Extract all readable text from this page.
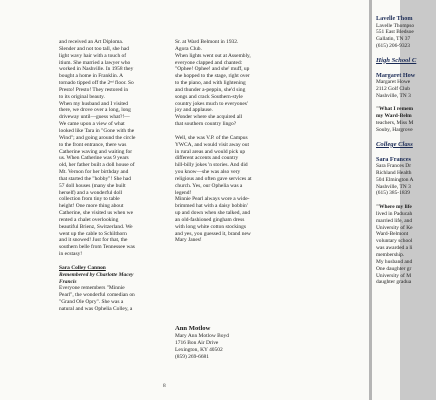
and received an Art Diploma.
Slender and not too tall, she had
light wavy hair with a touch of
itium. She married a lawyer who
worked in Nashville. In 1958 they
bought a home in Franklin. A
tornado tipped off the 2ⁿᵈ floor. So
Presto! Presto! They restored in
to its original beauty.
When my husband and I visited
there, we drove over a long, long
driveway until—guess what?!—
We came upon a view of what
looked like Tara in "Gone with the
Wind"; and going around the circle
to the front entrance, there was
Catherine waving and waiting for
us. When Catherine was 9 years
old, her father built a doll house of
Mt. Vernon for her birthday and
that started the "hobby"! She had
57 doll houses (many she built
herself) and a wonderful doll
collection from tiny to table
height! One more thing about
Catherine, she visited us when we
rented a chalet overlooking
beautiful Brienz, Switzerland. We
went up the cable to Schilthorn
and it snowed! Just for that, the
southern belle from Tennessee was
in ecstasy!

Sara Colley Cannon

Remembered by Charlotte Macey
Francis

Everyone remembers "Minnie
Pearl", the wonderful comedian on
"Grand Ole Opry". She was a
natural and was Ophelia Colley, a

Sr. at Ward Belmont in 1932.
Agora Club.
When lights went out at Assembly,
everyone clapped and chanted:
"Ophee! Ophee! and she' muff, up
she hopped to the stage, right over
to the piano, and with lightening
and thunder a-peppin, she'd sing
songs and crack Southern-style
country jokes much to everyones'
joy and applause.
Wonder where she acquired all
that southern country lingo?

Well, she was V.P. of the Campus
YWCA, and would visit away out
in rural areas and would pick up
different accents and country
hill-billy jokes 'n stories. And did
you know—she was also very
religious and often gave services at
church. Yes, our Ophelia was a
legend!
Minnie Pearl always wore a wide-
brimmed hat with a daisy bobbin'
up and down when she talked, and
an old-fashioned gingham dress
with long white cotton stockings
and yes, you guessed it, brand new
Mary Janes!

Ann Motlow

Mary Ann Motlow Boyd
1716 Bon Air Drive
Lexington, KY 40502
(859) 269-6681

8

Lavelle Thom

Lavelle Thompso
551 East Bledsoe
Gallatin, TN 37
(615) 206-9323

High School C

Margaret How

Margaret Howe
2112 Golf Club
Nashville, TN 3

"What I remem
my Ward-Belm

teachers, Miss M
Souby, Hargrove

College Class

Sara Frances

Sara Frances Dr
Richland Health
504 Elmington A
Nashville, TN 3
(615) 385-1839

"Where my life

lived in Paducah
married life, and
University of Ke
Ward-Belmont
voluntary school
was awarded a li
membership.
My husband and
One daughter gr
University of M
daughter gradua
